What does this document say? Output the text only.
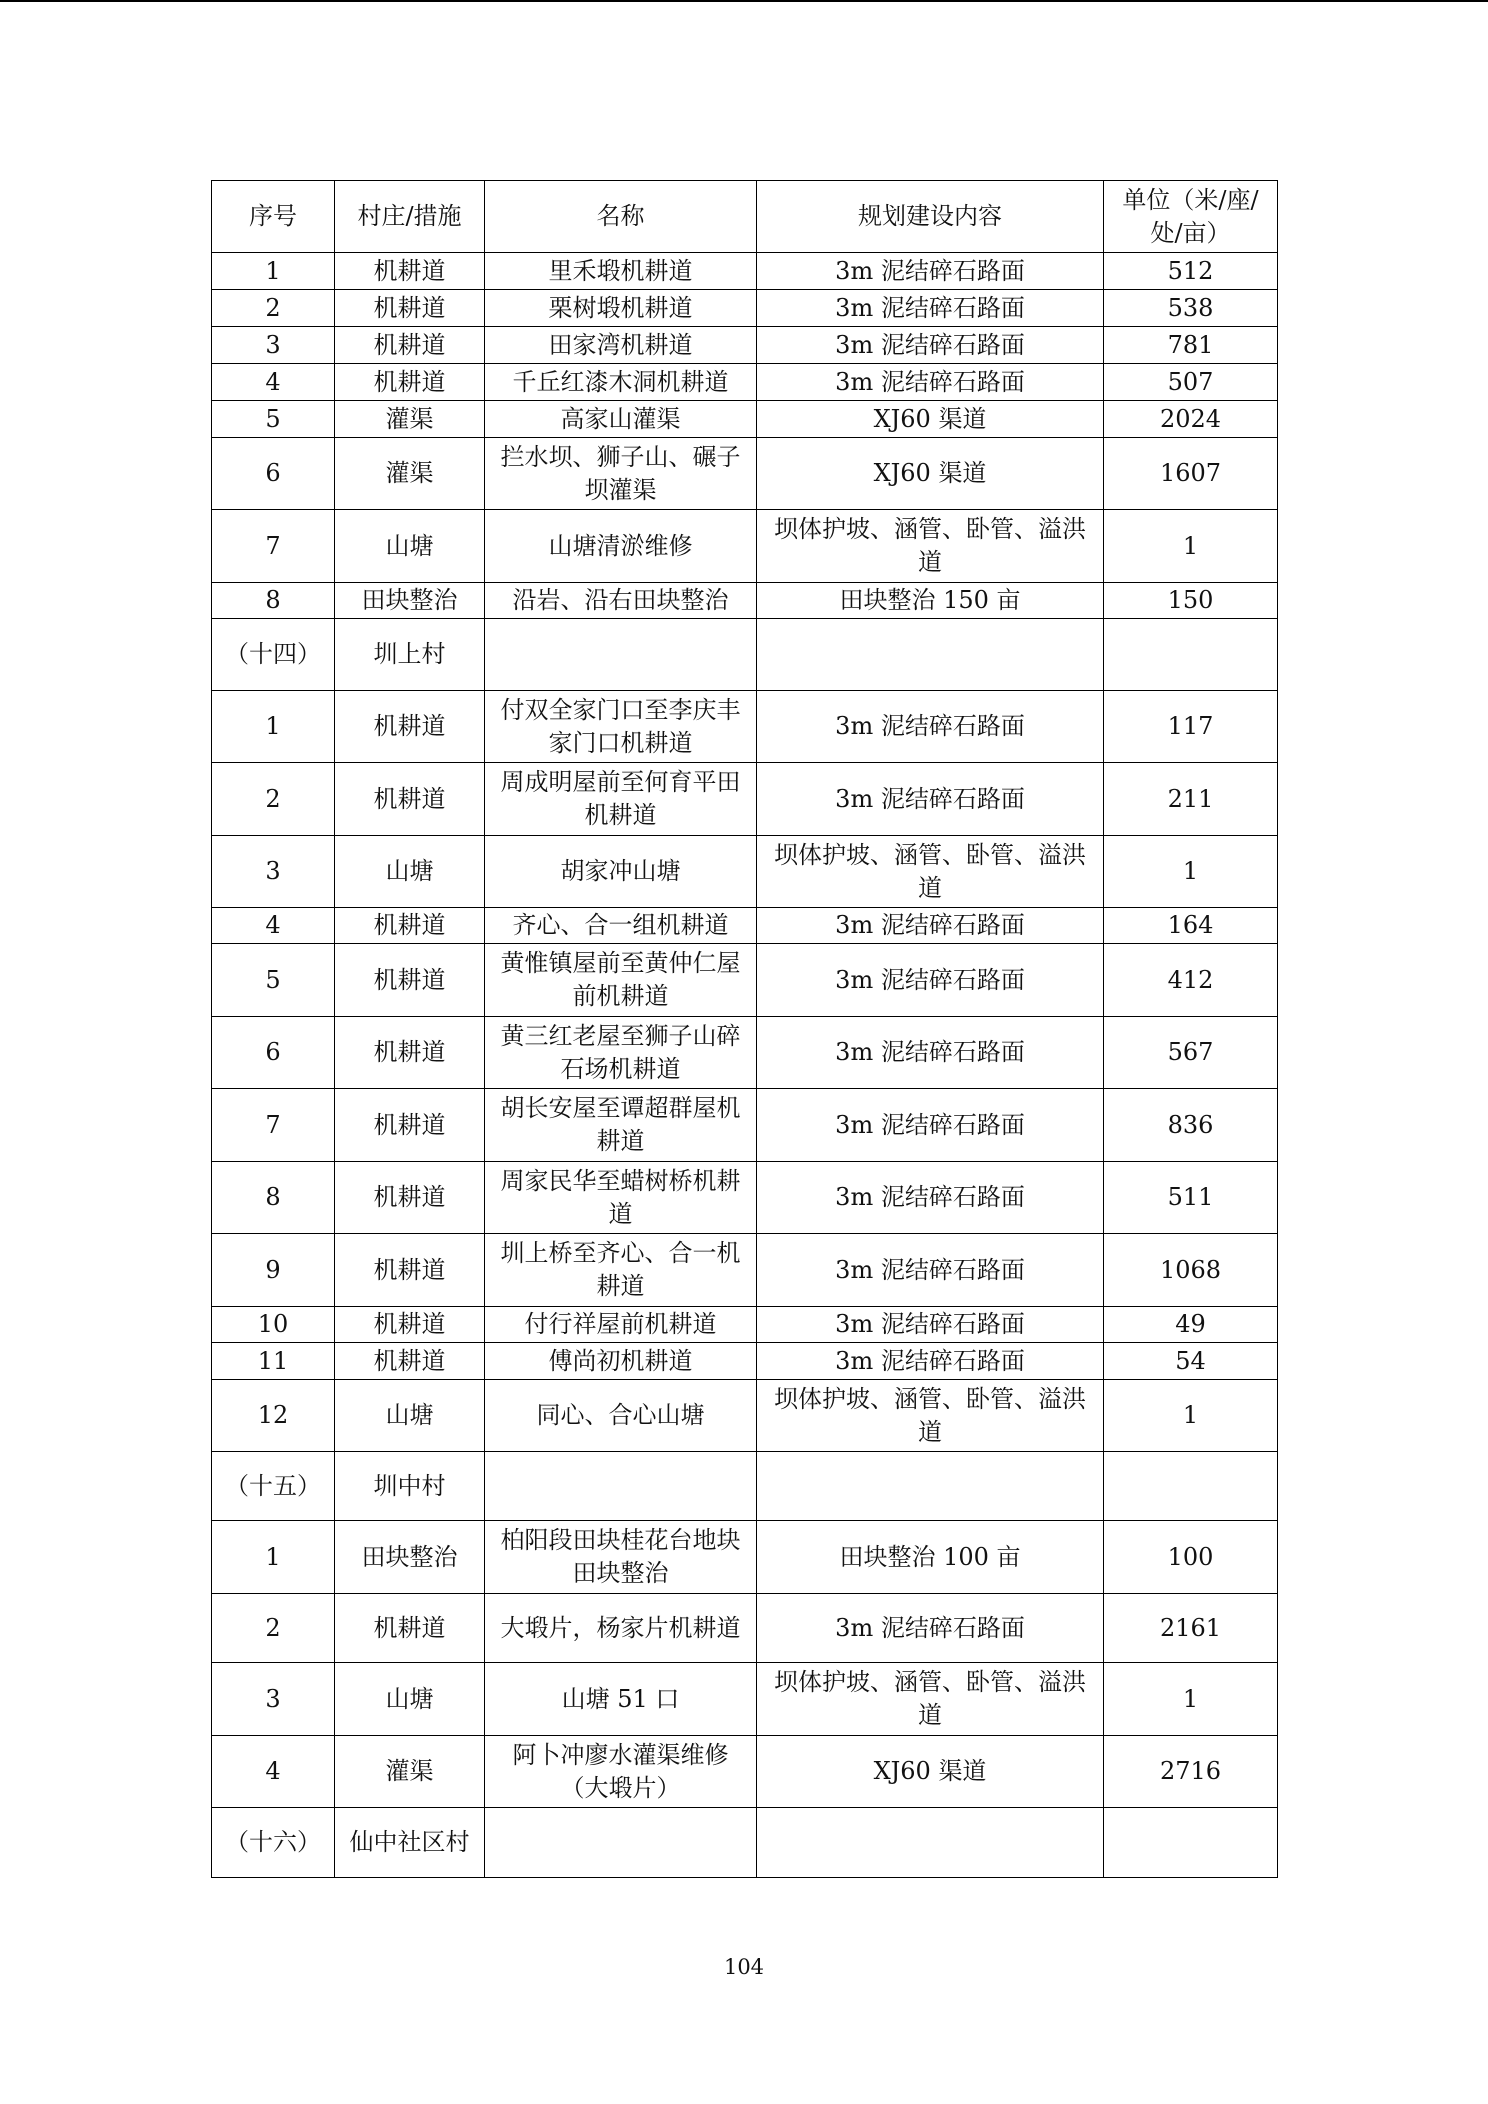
序号	村庄/措施	名称	规划建设内容	单位（米/座/处/亩）
1	机耕道	里禾塅机耕道	3m 泥结碎石路面	512
2	机耕道	栗树塅机耕道	3m 泥结碎石路面	538
3	机耕道	田家湾机耕道	3m 泥结碎石路面	781
4	机耕道	千丘红漆木洞机耕道	3m 泥结碎石路面	507
5	灌渠	高家山灌渠	XJ60 渠道	2024
6	灌渠	拦水坝、狮子山、碾子坝灌渠	XJ60 渠道	1607
7	山塘	山塘清淤维修	坝体护坡、涵管、卧管、溢洪道	1
8	田块整治	沿岩、沿右田块整治	田块整治 150 亩	150
（十四）	圳上村			
1	机耕道	付双全家门口至李庆丰家门口机耕道	3m 泥结碎石路面	117
2	机耕道	周成明屋前至何育平田机耕道	3m 泥结碎石路面	211
3	山塘	胡家冲山塘	坝体护坡、涵管、卧管、溢洪道	1
4	机耕道	齐心、合一组机耕道	3m 泥结碎石路面	164
5	机耕道	黄惟镇屋前至黄仲仁屋前机耕道	3m 泥结碎石路面	412
6	机耕道	黄三红老屋至狮子山碎石场机耕道	3m 泥结碎石路面	567
7	机耕道	胡长安屋至谭超群屋机耕道	3m 泥结碎石路面	836
8	机耕道	周家民华至蜡树桥机耕道	3m 泥结碎石路面	511
9	机耕道	圳上桥至齐心、合一机耕道	3m 泥结碎石路面	1068
10	机耕道	付行祥屋前机耕道	3m 泥结碎石路面	49
11	机耕道	傅尚初机耕道	3m 泥结碎石路面	54
12	山塘	同心、合心山塘	坝体护坡、涵管、卧管、溢洪道	1
（十五）	圳中村			
1	田块整治	柏阳段田块桂花台地块田块整治	田块整治 100 亩	100
2	机耕道	大塅片，杨家片机耕道	3m 泥结碎石路面	2161
3	山塘	山塘 51 口	坝体护坡、涵管、卧管、溢洪道	1
4	灌渠	阿卜冲廖水灌渠维修（大塅片）	XJ60 渠道	2716
（十六）	仙中社区村			
104
